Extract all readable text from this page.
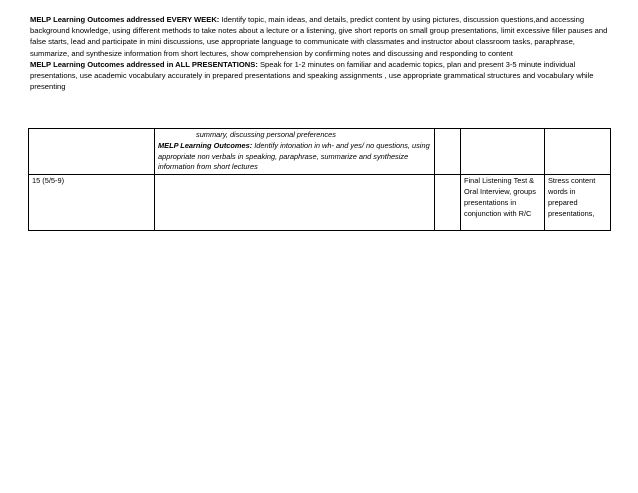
MELP Learning Outcomes addressed EVERY WEEK: Identify topic, main ideas, and details, predict content by using pictures, discussion questions,and accessing background knowledge, using different methods to take notes about a lecture or a listening, give short reports on small group presentations, limit excessive filler pauses and false starts, lead and participate in mini discussions, use appropriate language to communicate with classmates and instructor about classroom tasks, paraphrase, summarize, and synthesize information from short lectures, show comprehension by confirming notes and discussing and responding to content

MELP Learning Outcomes addressed in ALL PRESENTATIONS: Speak for 1-2 minutes on familiar and academic topics, plan and present 3-5 minute individual presentations, use academic vocabulary accurately in prepared presentations and speaking assignments , use appropriate grammatical structures and vocabulary while presenting

	summary, discussing personal preferences
MELP Learning Outcomes: Identify intonation in wh- and yes/ no questions, using appropriate non verbals in speaking, paraphrase, summarize and synthesize information from short lectures			

15 (5/5-9)			Final Listening Test & Oral Interview, groups presentations in conjunction with R/C	Stress content words in prepared presentations,
